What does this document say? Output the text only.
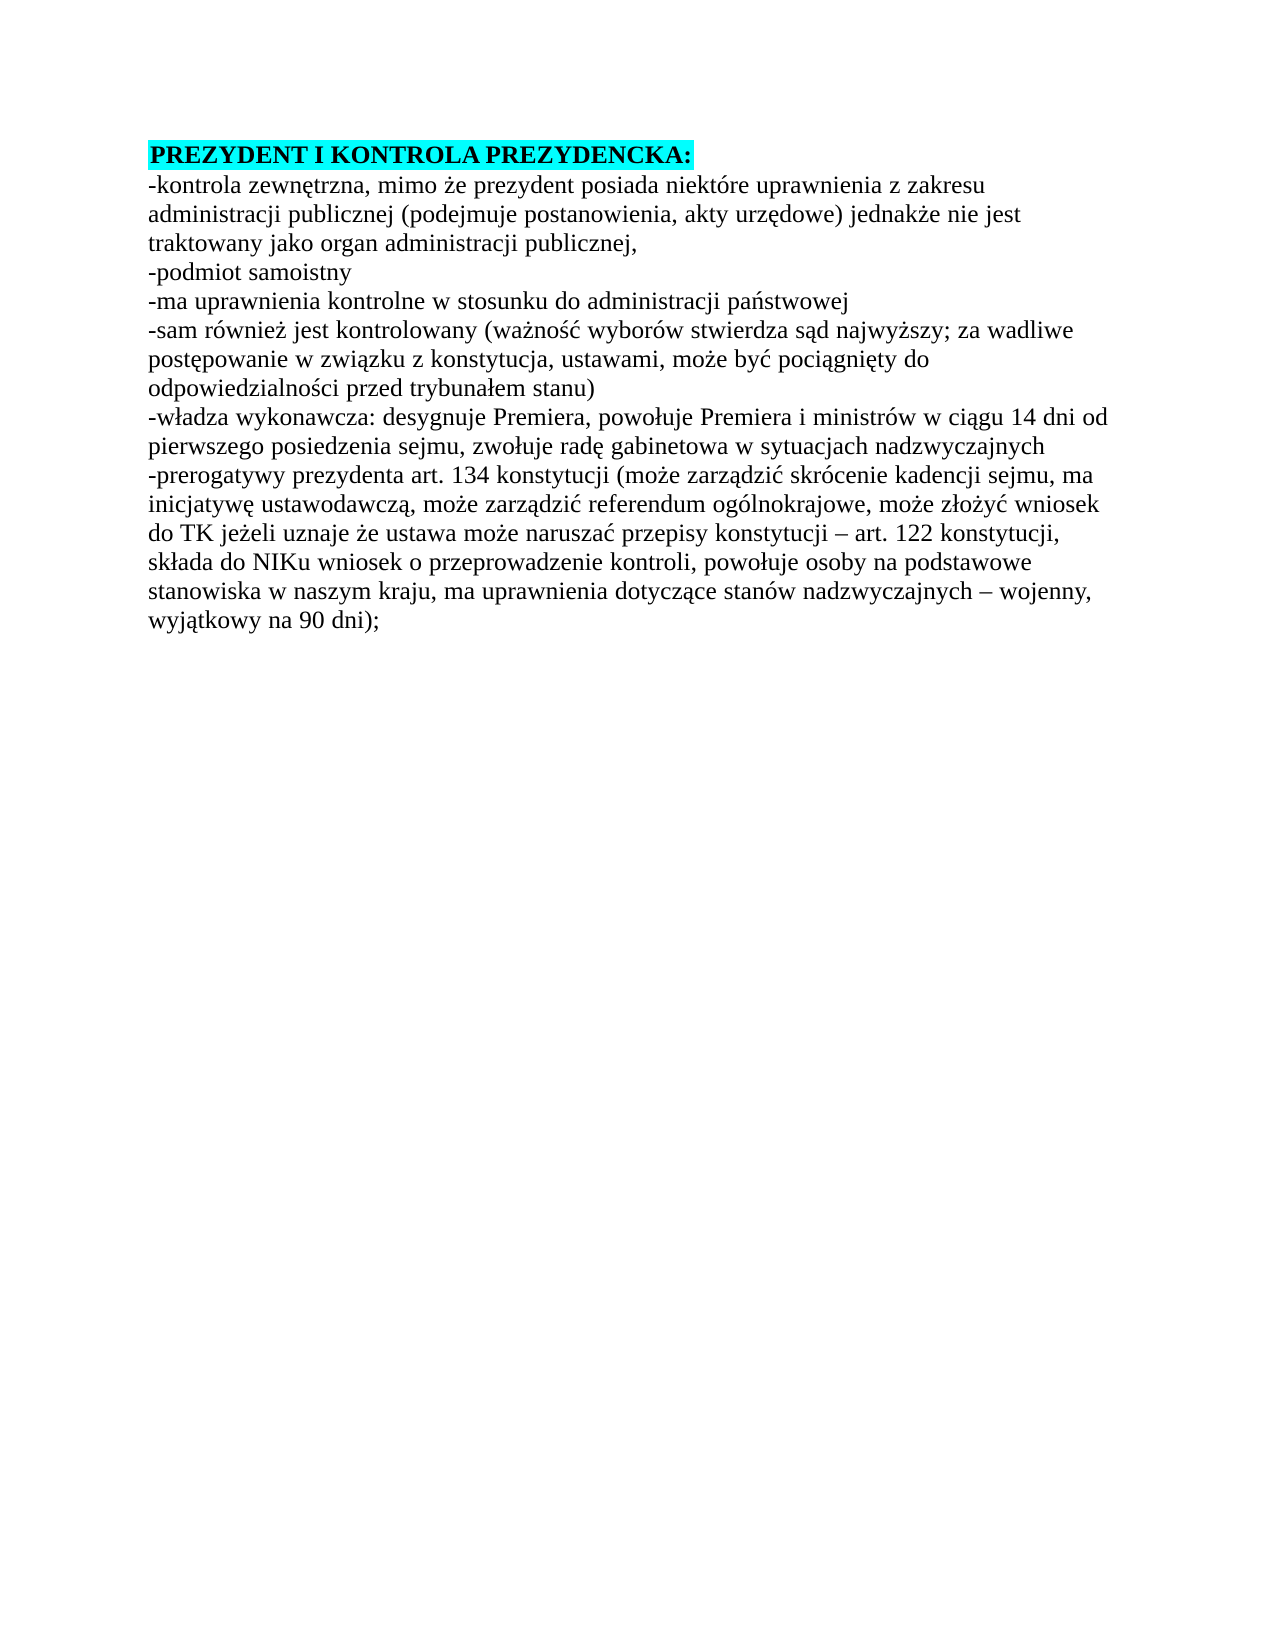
PREZYDENT I KONTROLA PREZYDENCKA:

-kontrola zewnętrzna, mimo że prezydent posiada niektóre uprawnienia z zakresu administracji publicznej (podejmuje postanowienia, akty urzędowe) jednakże nie jest traktowany jako organ administracji publicznej,

-podmiot samoistny

-ma uprawnienia kontrolne w stosunku do administracji państwowej

-sam również jest kontrolowany (ważność wyborów stwierdza sąd najwyższy; za wadliwe postępowanie w związku z konstytucja, ustawami, może być pociągnięty do odpowiedzialności przed trybunałem stanu)

-władza wykonawcza: desygnuje Premiera, powołuje Premiera i ministrów w ciągu 14 dni od pierwszego posiedzenia sejmu, zwołuje radę gabinetowa w sytuacjach nadzwyczajnych

-prerogatywy prezydenta art. 134 konstytucji (może zarządzić skrócenie kadencji sejmu, ma inicjatywę ustawodawczą, może zarządzić referendum ogólnokrajowe, może złożyć wniosek do TK jeżeli uznaje że ustawa może naruszać przepisy konstytucji – art. 122 konstytucji, składa do NIKu wniosek o przeprowadzenie kontroli, powołuje osoby na podstawowe stanowiska w naszym kraju, ma uprawnienia dotyczące stanów nadzwyczajnych – wojenny, wyjątkowy na 90 dni);
